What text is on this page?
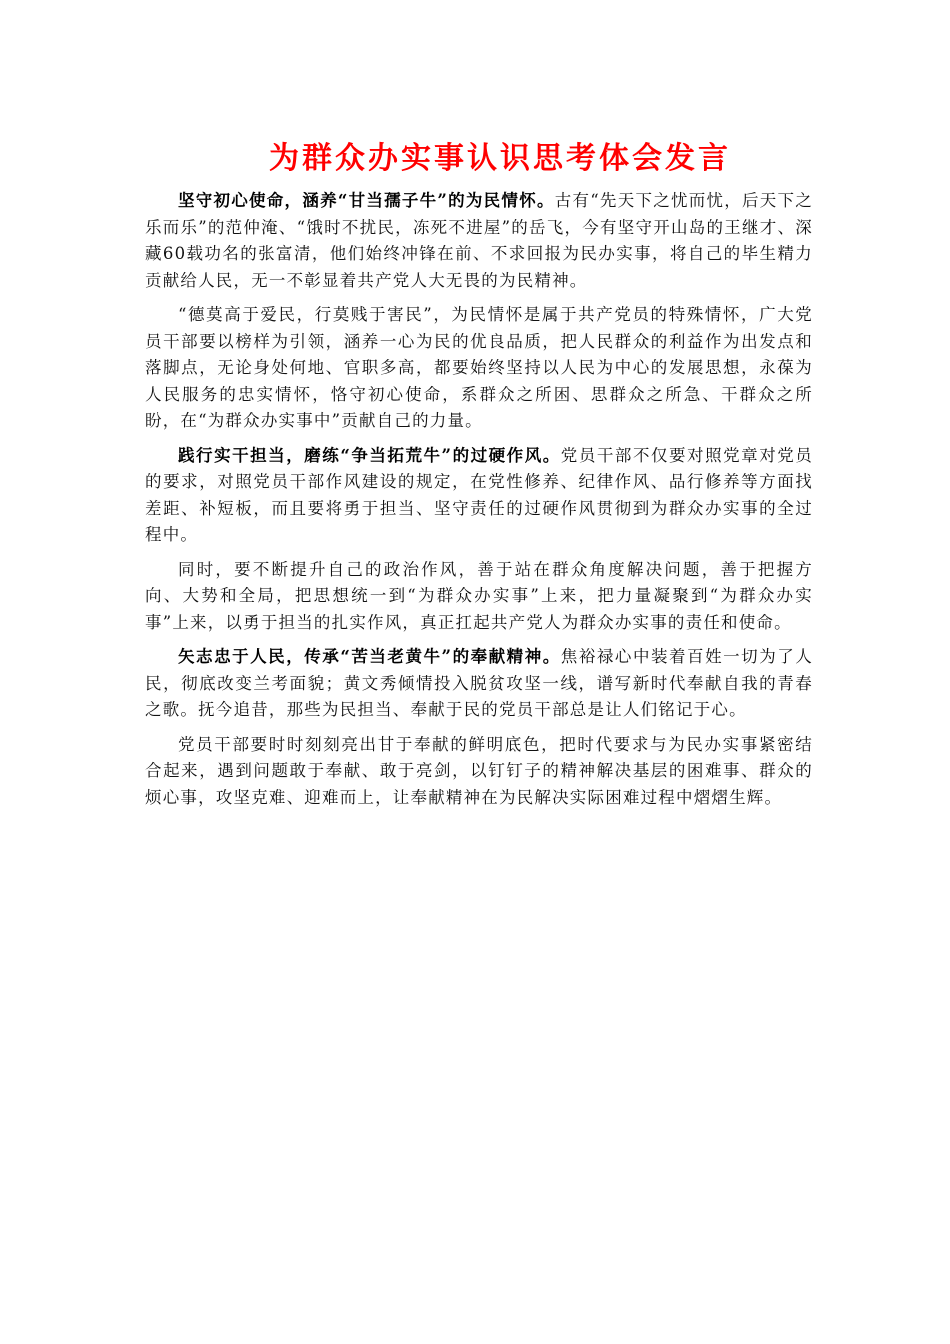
为群众办实事认识思考体会发言

坚守初心使命，涵养“甘当孺子牛”的为民情怀。古有“先天下之忧而忧，后天下之乐而乐”的范仲淹、“饿时不扰民，冻死不进屋”的岳飞，今有坚守开山岛的王继才、深藏60载功名的张富清，他们始终冲锋在前、不求回报为民办实事，将自己的毕生精力贡献给人民，无一不彰显着共产党人大无畏的为民精神。

“德莫高于爱民，行莫贱于害民”，为民情怀是属于共产党员的特殊情怀，广大党员干部要以榜样为引领，涵养一心为民的优良品质，把人民群众的利益作为出发点和落脚点，无论身处何地、官职多高，都要始终坚持以人民为中心的发展思想，永葆为人民服务的忠实情怀，恪守初心使命，系群众之所困、思群众之所急、干群众之所盼，在“为群众办实事中”贡献自己的力量。

践行实干担当，磨练“争当拓荒牛”的过硬作风。党员干部不仅要对照党章对党员的要求，对照党员干部作风建设的规定，在党性修养、纪律作风、品行修养等方面找差距、补短板，而且要将勇于担当、坚守责任的过硬作风贯彻到为群众办实事的全过程中。

同时，要不断提升自己的政治作风，善于站在群众角度解决问题，善于把握方向、大势和全局，把思想统一到“为群众办实事”上来，把力量凝聚到“为群众办实事”上来，以勇于担当的扎实作风，真正扛起共产党人为群众办实事的责任和使命。

矢志忠于人民，传承“苦当老黄牛”的奉献精神。焦裕禄心中装着百姓一切为了人民，彻底改变兰考面貌；黄文秀倾情投入脱贫攻坚一线，谱写新时代奉献自我的青春之歌。抚今追昔，那些为民担当、奉献于民的党员干部总是让人们铭记于心。

党员干部要时时刻刻亮出甘于奉献的鲜明底色，把时代要求与为民办实事紧密结合起来，遇到问题敢于奉献、敢于亮剑，以钉钉子的精神解决基层的困难事、群众的烦心事，攻坚克难、迎难而上，让奉献精神在为民解决实际困难过程中熠熠生辉。
